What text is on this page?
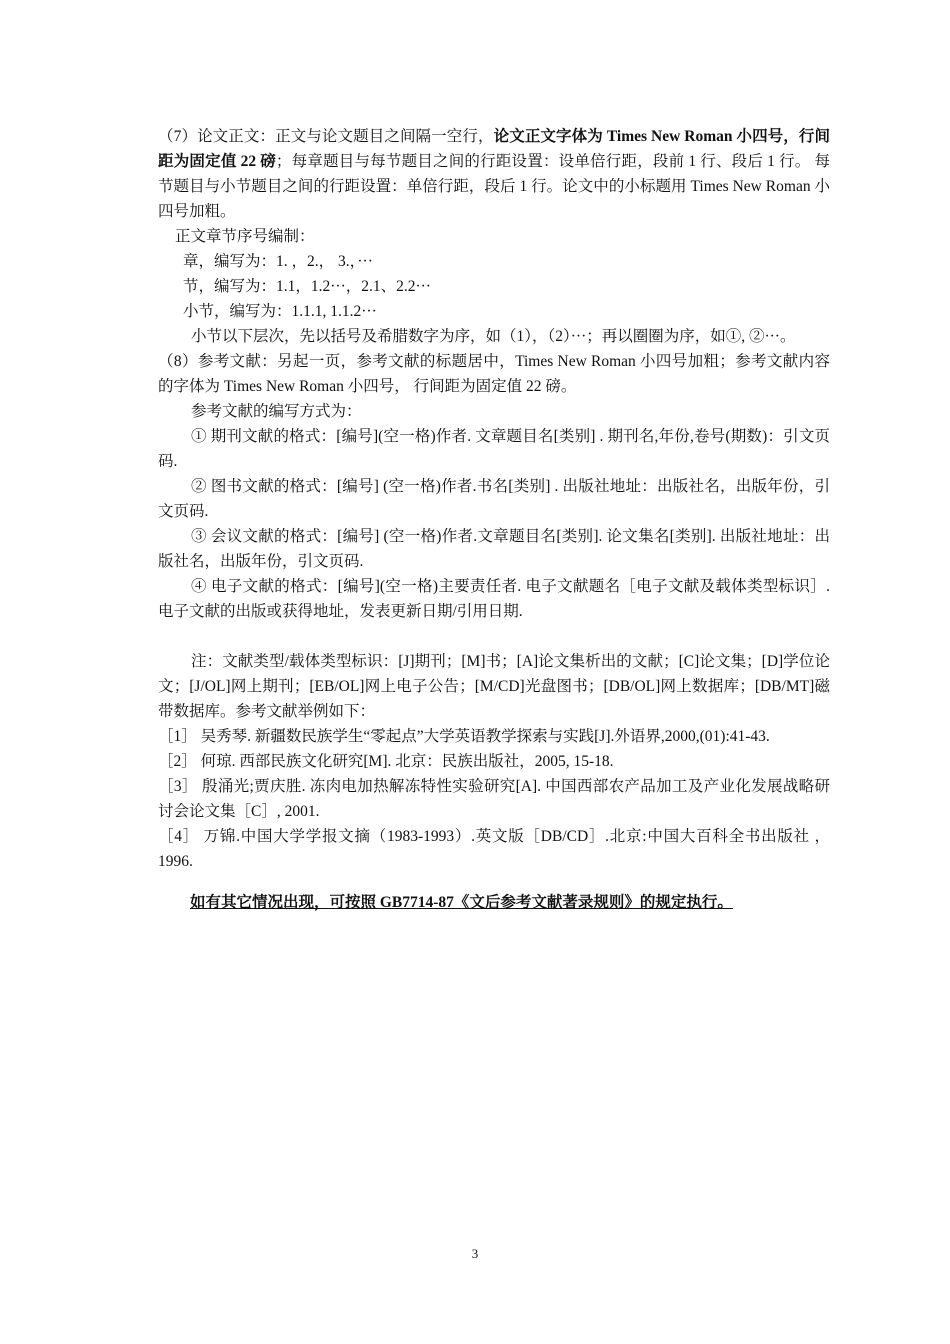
（7）论文正文：正文与论文题目之间隔一空行，论文正文字体为 Times New Roman 小四号，行间距为固定值 22 磅；每章题目与每节题目之间的行距设置：设单倍行距，段前 1 行、段后 1 行。 每节题目与小节题目之间的行距设置：单倍行距，段后 1 行。论文中的小标题用 Times New Roman 小四号加粗。

正文章节序号编制：

章，编写为：1. ，2.， 3.，···

节，编写为：1.1，1.2···，2.1、2.2···

小节，编写为：1.1.1, 1.1.2···

小节以下层次，先以括号及希腊数字为序，如（1），（2）···；再以圈圈为序，如①, ②···。

（8）参考文献：另起一页，参考文献的标题居中，Times New Roman 小四号加粗；参考文献内容的字体为 Times New Roman 小四号， 行间距为固定值 22 磅。

参考文献的编写方式为：

① 期刊文献的格式：[编号](空一格)作者. 文章题目名[类别] . 期刊名,年份,卷号(期数)：引文页码.

② 图书文献的格式：[编号] (空一格)作者.书名[类别] . 出版社地址：出版社名，出版年份，引文页码.

③ 会议文献的格式：[编号] (空一格)作者.文章题目名[类别]. 论文集名[类别]. 出版社地址：出版社名，出版年份，引文页码.

④ 电子文献的格式：[编号](空一格)主要责任者. 电子文献题名［电子文献及载体类型标识］.电子文献的出版或获得地址，发表更新日期/引用日期.

注：文献类型/载体类型标识：[J]期刊；[M]书；[A]论文集析出的文献；[C]论文集；[D]学位论文；[J/OL]网上期刊；[EB/OL]网上电子公告；[M/CD]光盘图书；[DB/OL]网上数据库；[DB/MT]磁带数据库。参考文献举例如下：

［1］ 吴秀琴. 新疆数民族学生“零起点”大学英语教学探索与实践[J].外语界,2000,(01):41-43.

［2］ 何琼. 西部民族文化研究[M]. 北京：民族出版社，2005, 15-18.

［3］ 殷涌光;贾庆胜. 冻肉电加热解冻特性实验研究[A]. 中国西部农产品加工及产业化发展战略研讨会论文集［C］, 2001.

［4］ 万锦.中国大学学报文摘（1983-1993）.英文版［DB/CD］.北京:中国大百科全书出版社 ，1996.

如有其它情况出现，可按照 GB7714-87《文后参考文献著录规则》的规定执行。

3
